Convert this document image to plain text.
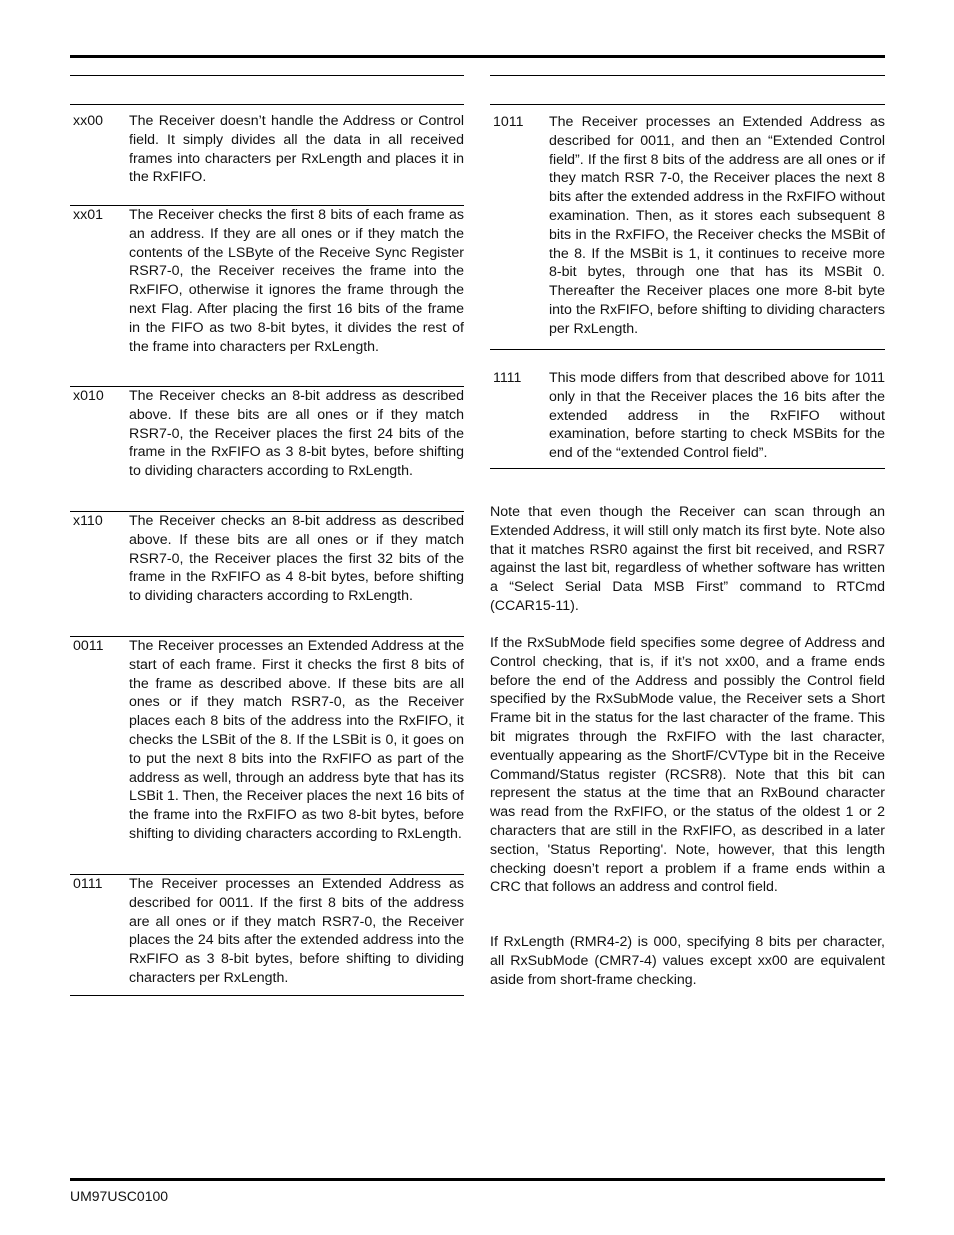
xx00	The Receiver doesn’t handle the Address or Control field. It simply divides all the data in all received frames into characters per RxLength and places it in the RxFIFO.
xx01	The Receiver checks the first 8 bits of each frame as an address. If they are all ones or if they match the contents of the LSByte of the Receive Sync Register RSR7-0, the Receiver receives the frame into the RxFIFO, otherwise it ignores the frame through the next Flag. After placing the first 16 bits of the frame in the FIFO as two 8-bit bytes, it divides the rest of the frame into characters per RxLength.
x010	The Receiver checks an 8-bit address as described above. If these bits are all ones or if they match RSR7-0, the Receiver places the first 24 bits of the frame in the RxFIFO as 3 8-bit bytes, before shifting to dividing characters according to RxLength.
x110	The Receiver checks an 8-bit address as described above. If these bits are all ones or if they match RSR7-0, the Receiver places the first 32 bits of the frame in the RxFIFO as 4 8-bit bytes, before shifting to dividing characters according to RxLength.
0011	The Receiver processes an Extended Address at the start of each frame. First it checks the first 8 bits of the frame as described above. If these bits are all ones or if they match RSR7-0, as the Receiver places each 8 bits of the address into the RxFIFO, it checks the LSBit of the 8. If the LSBit is 0, it goes on to put the next 8 bits into the RxFIFO as part of the address as well, through an address byte that has its LSBit 1. Then, the Receiver places the next 16 bits of the frame into the RxFIFO as two 8-bit bytes, before shifting to dividing characters according to RxLength.
0111	The Receiver processes an Extended Address as described for 0011. If the first 8 bits of the address are all ones or if they match RSR7-0, the Receiver places the 24 bits after the extended address into the RxFIFO as 3 8-bit bytes, before shifting to dividing characters per RxLength.
1011	The Receiver processes an Extended Address as described for 0011, and then an “Extended Control field”. If the first 8 bits of the address are all ones or if they match RSR 7-0, the Receiver places the next 8 bits after the extended address in the RxFIFO without examination. Then, as it stores each subsequent 8 bits in the RxFIFO, the Receiver checks the MSBit of the 8. If the MSBit is 1, it continues to receive more 8-bit bytes, through one that has its MSBit 0. Thereafter the Receiver places one more 8-bit byte into the RxFIFO, before shifting to dividing characters per RxLength.
1111	This mode differs from that described above for 1011 only in that the Receiver places the 16 bits after the extended address in the RxFIFO without examination, before starting to check MSBits for the end of the “extended Control field”.

Note that even though the Receiver can scan through an Extended Address, it will still only match its first byte. Note also that it matches RSR0 against the first bit received, and RSR7 against the last bit, regardless of whether software has written a “Select Serial Data MSB First” command to RTCmd (CCAR15-11).

If the RxSubMode field specifies some degree of Address and Control checking, that is, if it’s not xx00, and a frame ends before the end of the Address and possibly the Control field specified by the RxSubMode value, the Receiver sets a Short Frame bit in the status for the last character of the frame. This bit migrates through the RxFIFO with the last character, eventually appearing as the ShortF/CVType bit in the Receive Command/Status register (RCSR8). Note that this bit can represent the status at the time that an RxBound character was read from the RxFIFO, or the status of the oldest 1 or 2 characters that are still in the RxFIFO, as described in a later section, 'Status Reporting'. Note, however, that this length checking doesn’t report a problem if a frame ends within a CRC that follows an address and control field.

If RxLength (RMR4-2) is 000, specifying 8 bits per character, all RxSubMode (CMR7-4) values except xx00 are equivalent aside from short-frame checking.

UM97USC0100
